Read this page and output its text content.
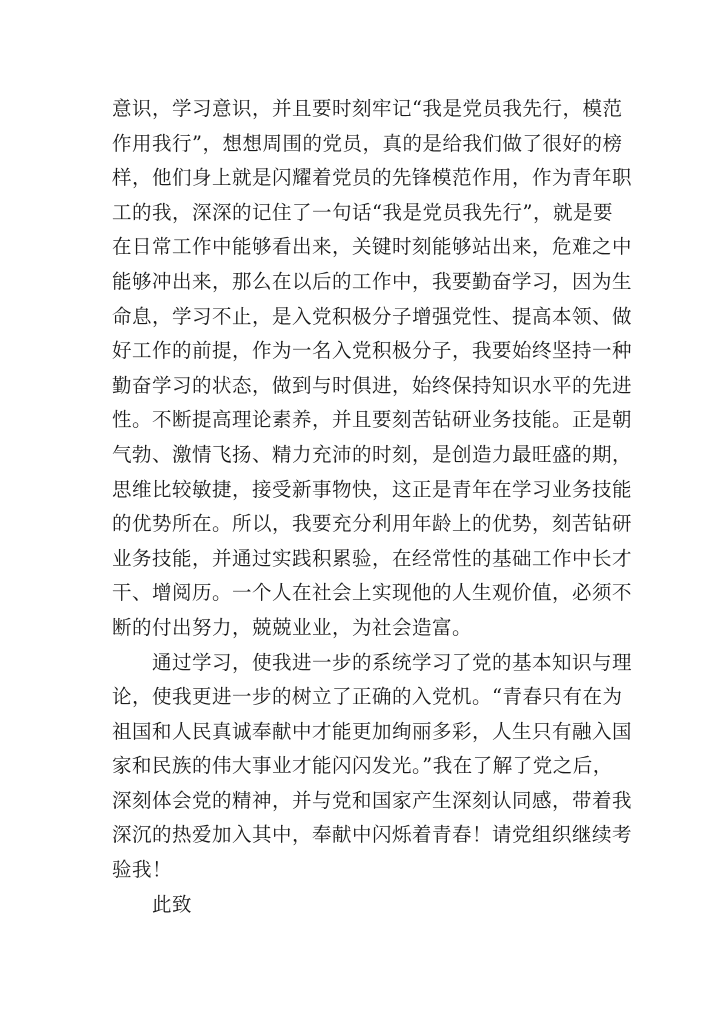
意识，学习意识，并且要时刻牢记“我是党员我先行，模范
作用我行”，想想周围的党员，真的是给我们做了很好的榜
样，他们身上就是闪耀着党员的先锋模范作用，作为青年职
工的我，深深的记住了一句话“我是党员我先行”，就是要
在日常工作中能够看出来，关键时刻能够站出来，危难之中
能够冲出来，那么在以后的工作中，我要勤奋学习，因为生
命息，学习不止，是入党积极分子增强党性、提高本领、做
好工作的前提，作为一名入党积极分子，我要始终坚持一种
勤奋学习的状态，做到与时俱进，始终保持知识水平的先进
性。不断提高理论素养，并且要刻苦钻研业务技能。正是朝
气勃、激情飞扬、精力充沛的时刻，是创造力最旺盛的期，
思维比较敏捷，接受新事物快，这正是青年在学习业务技能
的优势所在。所以，我要充分利用年龄上的优势，刻苦钻研
业务技能，并通过实践积累验，在经常性的基础工作中长才
干、增阅历。一个人在社会上实现他的人生观价值，必须不
断的付出努力，兢兢业业，为社会造富。
通过学习，使我进一步的系统学习了党的基本知识与理
论，使我更进一步的树立了正确的入党机。“青春只有在为
祖国和人民真诚奉献中才能更加绚丽多彩，人生只有融入国
家和民族的伟大事业才能闪闪发光。”我在了解了党之后，
深刻体会党的精神，并与党和国家产生深刻认同感，带着我
深沉的热爱加入其中，奉献中闪烁着青春！请党组织继续考
验我！
此致
